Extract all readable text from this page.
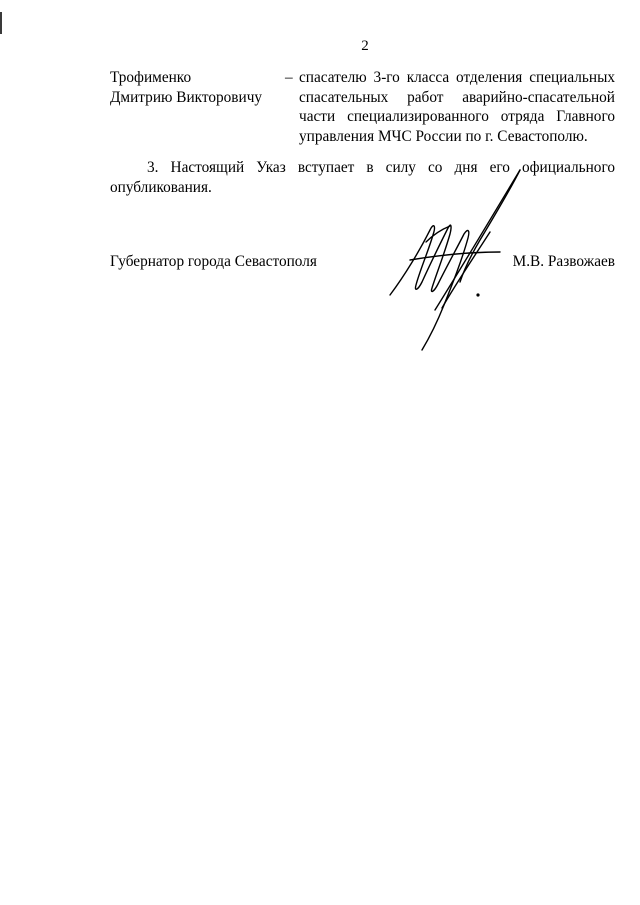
2
Трофименко
Дмитрию Викторовичу
– спасателю 3-го класса отделения специальных
спасательных работ аварийно-спасательной
части специализированного отряда Главного
управления МЧС России по г. Севастополю.
3. Настоящий Указ вступает в силу со дня его официального
опубликования.
Губернатор города Севастополя	М.В. Развожаев
